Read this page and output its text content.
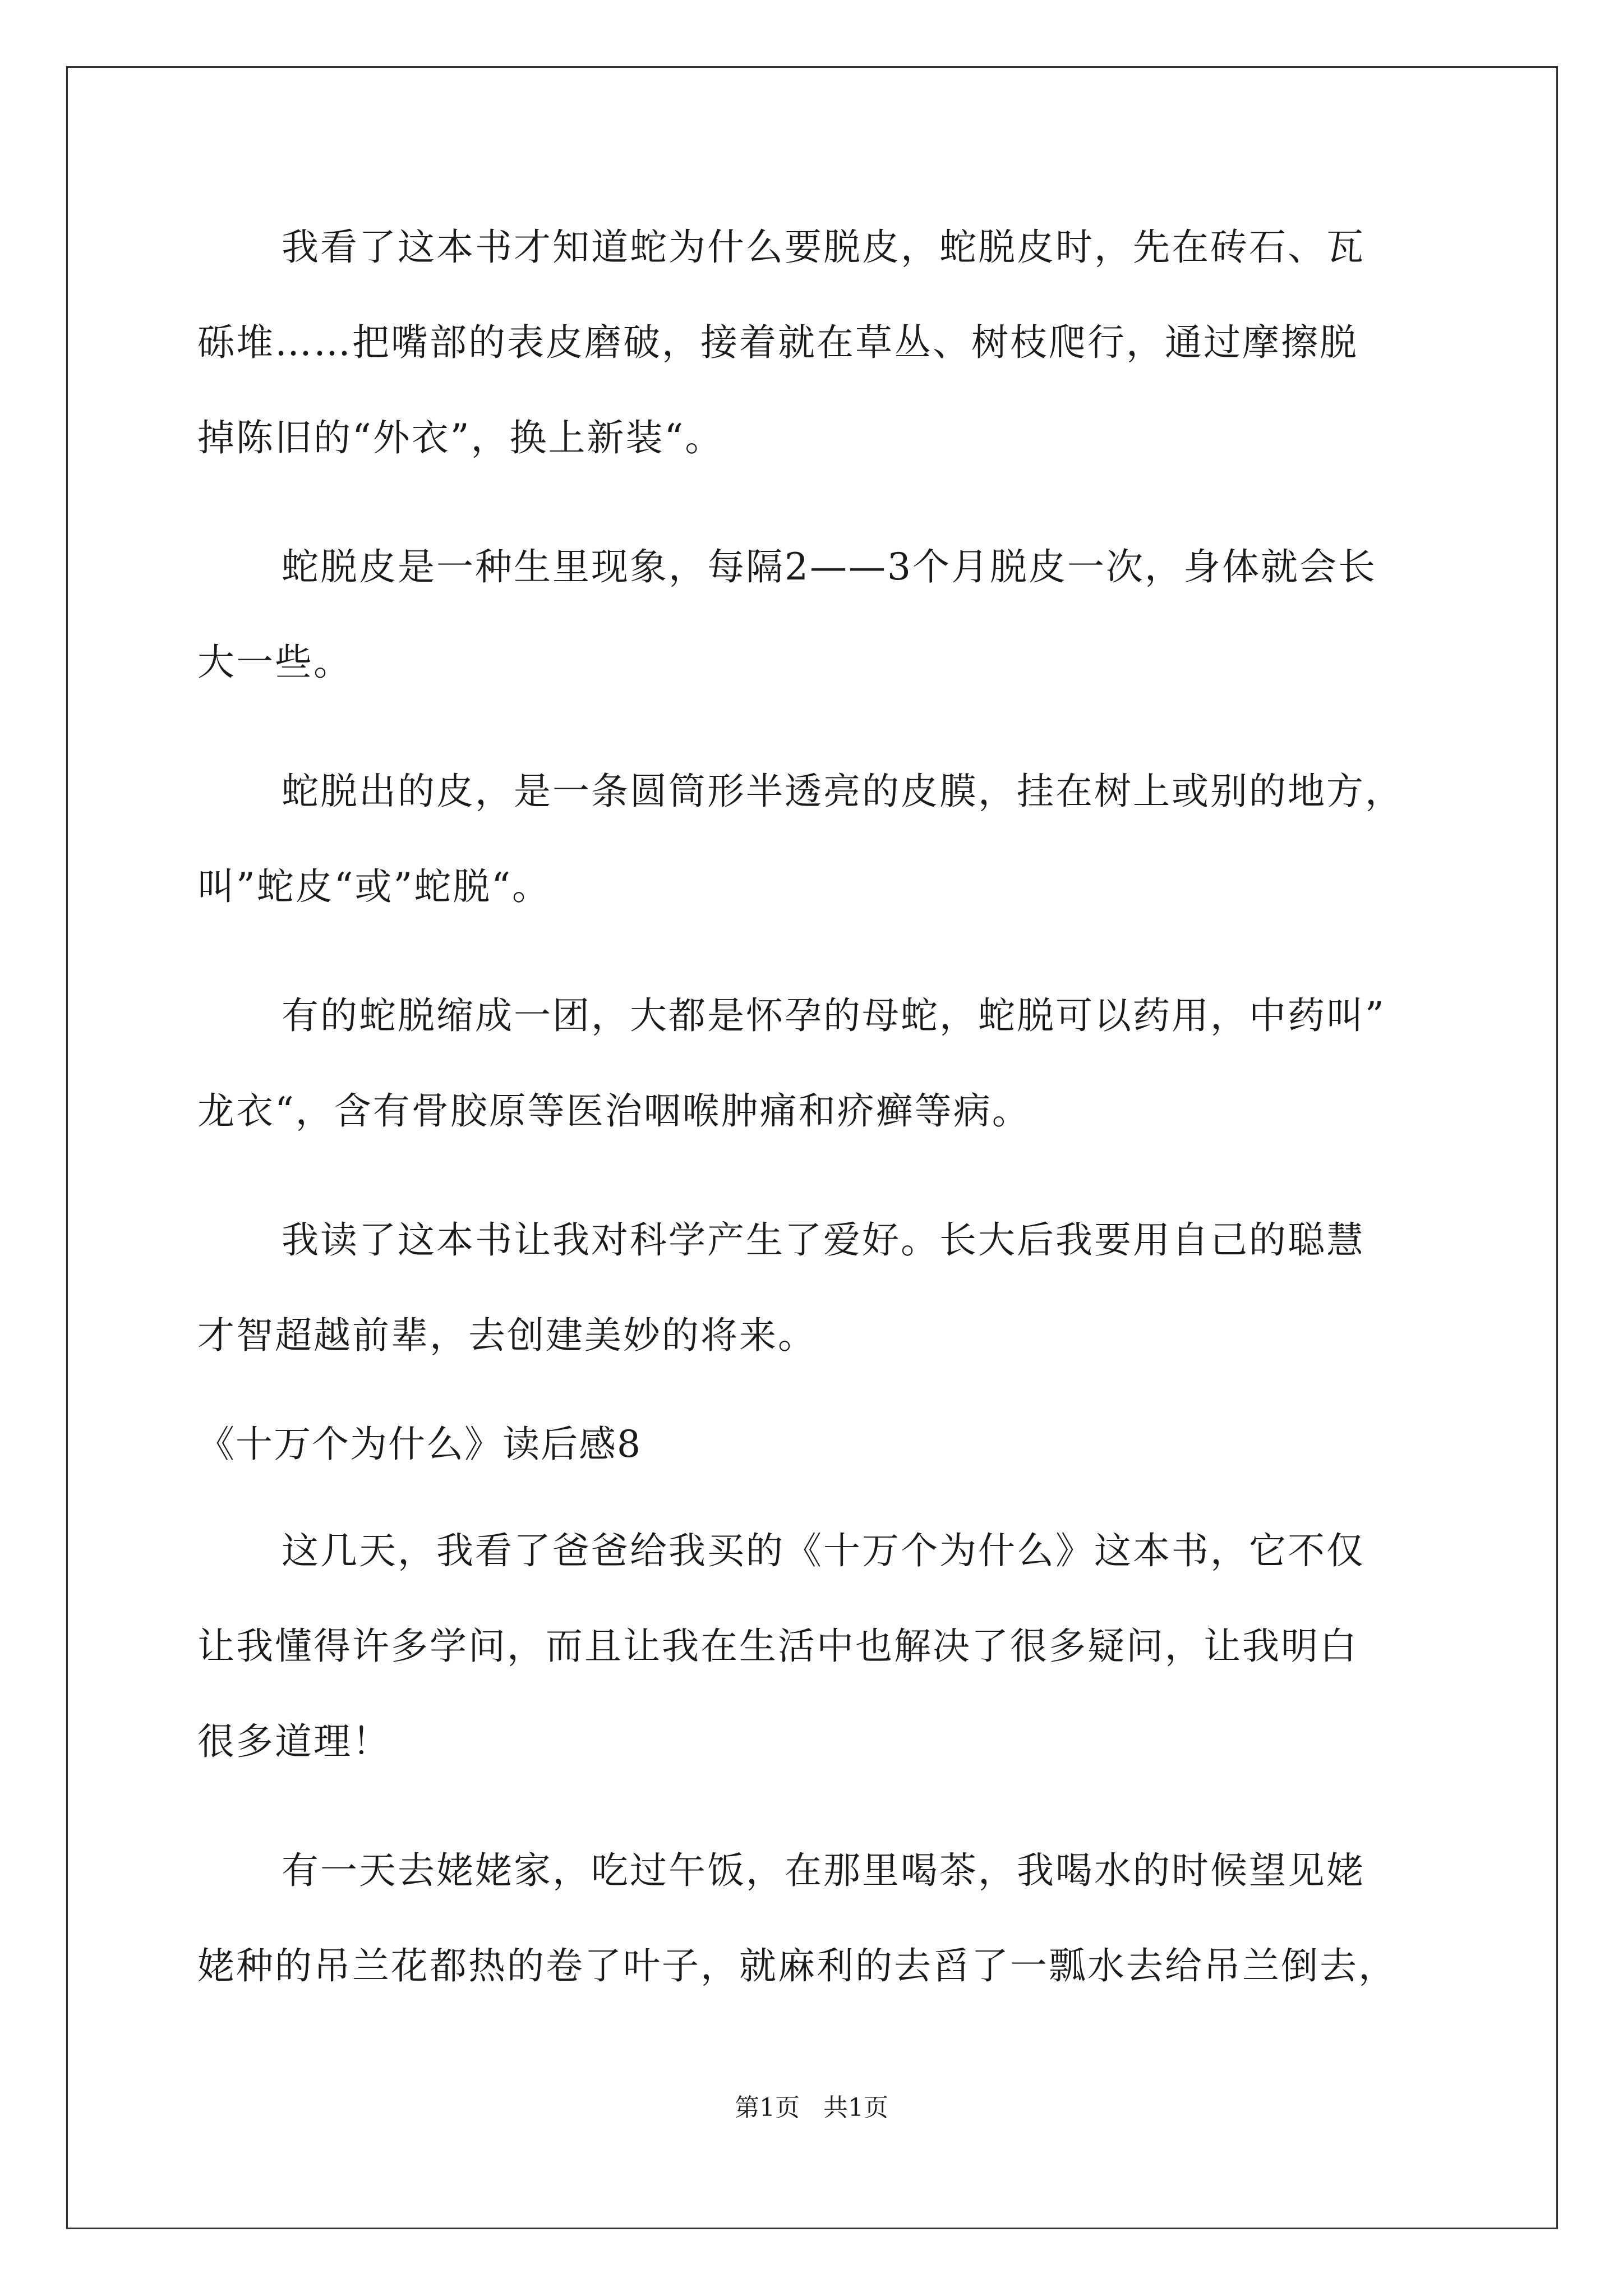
我看了这本书才知道蛇为什么要脱皮，蛇脱皮时，先在砖石、瓦
砾堆……把嘴部的表皮磨破，接着就在草丛、树枝爬行，通过摩擦脱
掉陈旧的“外衣”，换上新装“。
蛇脱皮是一种生里现象，每隔2——3个月脱皮一次，身体就会长
大一些。
蛇脱出的皮，是一条圆筒形半透亮的皮膜，挂在树上或别的地方，
叫”蛇皮“或”蛇脱“。
有的蛇脱缩成一团，大都是怀孕的母蛇，蛇脱可以药用，中药叫”
龙衣“，含有骨胶原等医治咽喉肿痛和疥癣等病。
我读了这本书让我对科学产生了爱好。长大后我要用自己的聪慧
才智超越前辈，去创建美妙的将来。
《十万个为什么》读后感8
这几天，我看了爸爸给我买的《十万个为什么》这本书，它不仅
让我懂得许多学问，而且让我在生活中也解决了很多疑问，让我明白
很多道理！
有一天去姥姥家，吃过午饭，在那里喝茶，我喝水的时候望见姥
姥种的吊兰花都热的卷了叶子，就麻利的去舀了一瓢水去给吊兰倒去，
第1页   共1页
